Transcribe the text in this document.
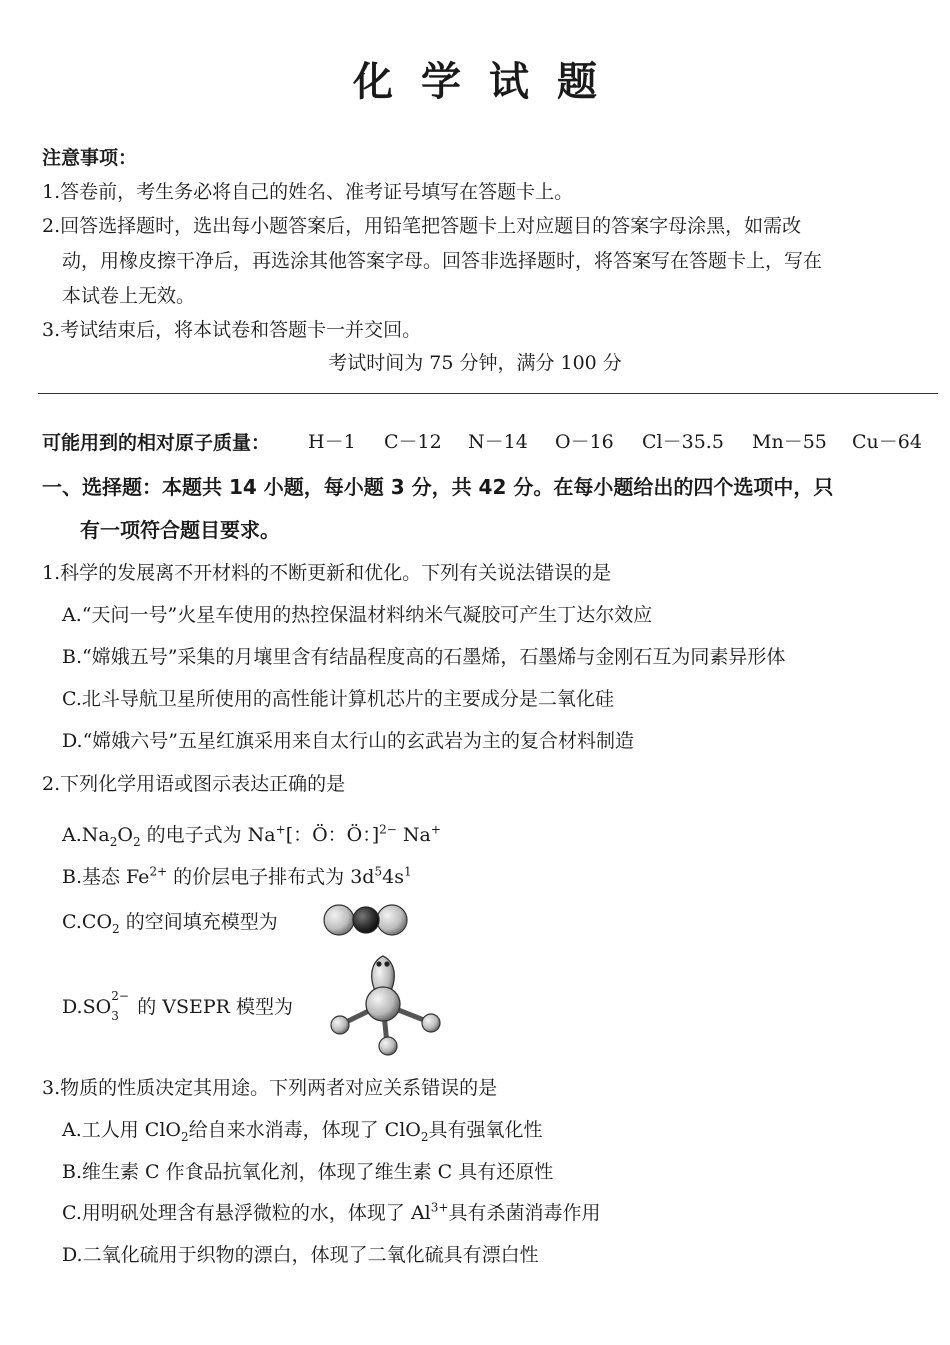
化学试题
注意事项：
1.答卷前，考生务必将自己的姓名、准考证号填写在答题卡上。
2.回答选择题时，选出每小题答案后，用铅笔把答题卡上对应题目的答案字母涂黑，如需改
动，用橡皮擦干净后，再选涂其他答案字母。回答非选择题时，将答案写在答题卡上，写在
本试卷上无效。
3.考试结束后，将本试卷和答题卡一并交回。
考试时间为 75 分钟，满分 100 分
可能用到的相对原子质量： H－1 C－12 N－14 O－16 Cl－35.5 Mn－55 Cu－64
一、选择题：本题共 14 小题，每小题 3 分，共 42 分。在每小题给出的四个选项中，只
有一项符合题目要求。
1.科学的发展离不开材料的不断更新和优化。下列有关说法错误的是
A.“天问一号”火星车使用的热控保温材料纳米气凝胶可产生丁达尔效应
B.“嫦娥五号”采集的月壤里含有结晶程度高的石墨烯，石墨烯与金刚石互为同素异形体
C.北斗导航卫星所使用的高性能计算机芯片的主要成分是二氧化硅
D.“嫦娥六号”五星红旗采用来自太行山的玄武岩为主的复合材料制造
2.下列化学用语或图示表达正确的是
$A.Na_2O_2$ 的电子式为 Na+[：Ö：Ö：]$^{2-}$ Na+
B.基态 $Fe^{2+}$ 的价层电子排布式为 $3d^54s^1$
$C.CO_2$ 的空间填充模型为
D.SO 2−
3 的 VSEPR 模型为
3.物质的性质决定其用途。下列两者对应关系错误的是
A.工人用 ClO$_2$给自来水消毒，体现了 ClO$_2$具有强氧化性
B.维生素 C 作食品抗氧化剂，体现了维生素 C 具有还原性
C.用明矾处理含有悬浮微粒的水，体现了 $Al^{3+}$具有杀菌消毒作用
D.二氧化硫用于织物的漂白，体现了二氧化硫具有漂白性
